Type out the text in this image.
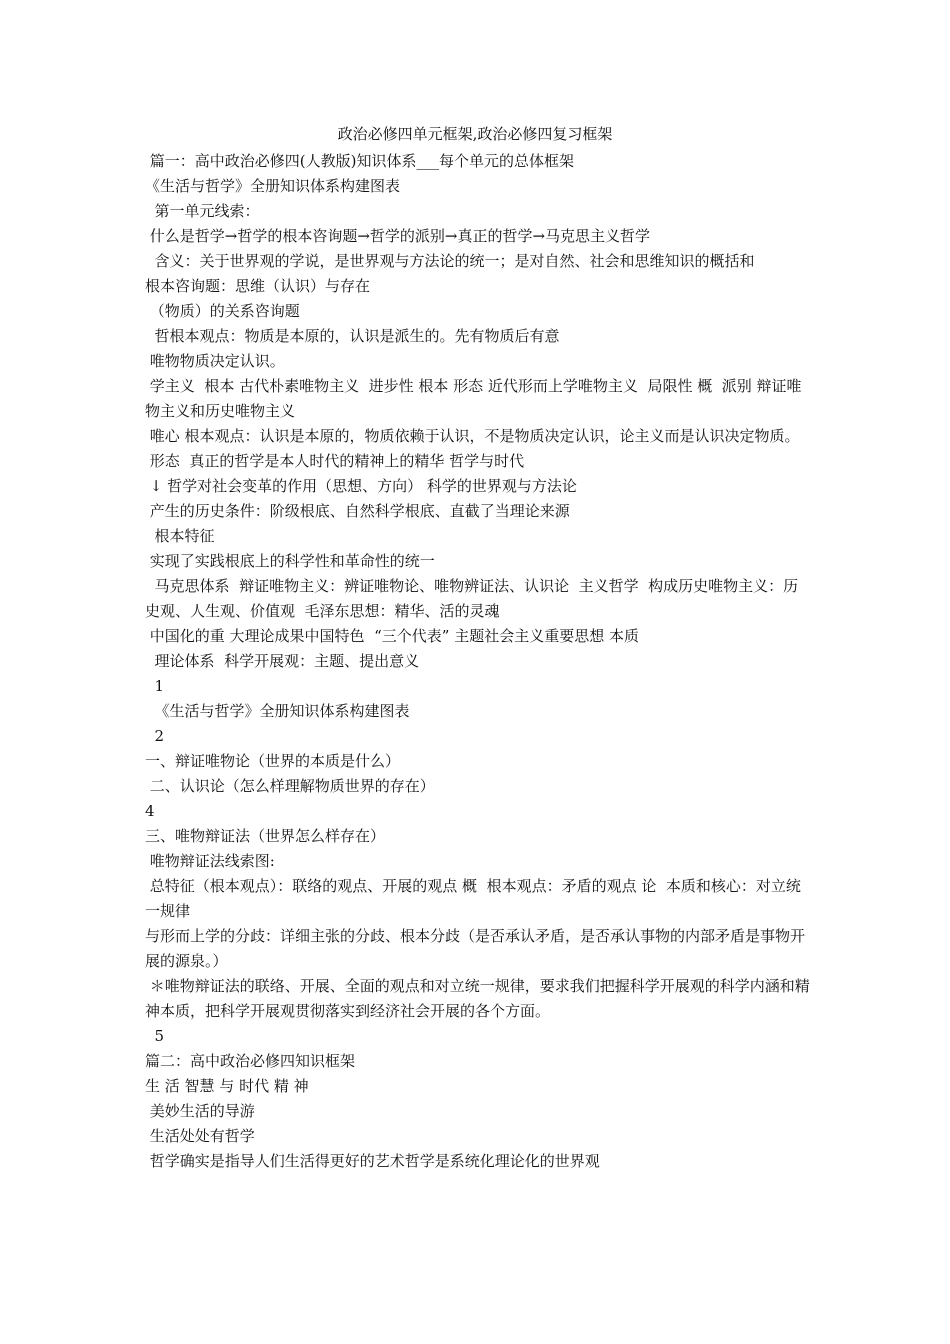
政治必修四单元框架,政治必修四复习框架
篇一：高中政治必修四(人教版)知识体系___每个单元的总体框架
《生活与哲学》全册知识体系构建图表
第一单元线索：
什么是哲学→哲学的根本咨询题→哲学的派别→真正的哲学→马克思主义哲学
含义：关于世界观的学说，是世界观与方法论的统一；是对自然、社会和思维知识的概括和
根本咨询题：思维（认识）与存在
（物质）的关系咨询题
哲根本观点：物质是本原的，认识是派生的。先有物质后有意
唯物物质决定认识。
学主义  根本 古代朴素唯物主义  进步性 根本 形态 近代形而上学唯物主义  局限性 概  派别 辩证唯物主义和历史唯物主义
唯心 根本观点：认识是本原的，物质依赖于认识，不是物质决定认识，论主义而是认识决定物质。
形态  真正的哲学是本人时代的精神上的精华 哲学与时代
↓ 哲学对社会变革的作用（思想、方向） 科学的世界观与方法论
产生的历史条件：阶级根底、自然科学根底、直截了当理论来源
根本特征
实现了实践根底上的科学性和革命性的统一
马克思体系  辩证唯物主义：辨证唯物论、唯物辨证法、认识论  主义哲学  构成历史唯物主义：历史观、人生观、价值观  毛泽东思想：精华、活的灵魂
中国化的重 大理论成果中国特色  “三个代表” 主题社会主义重要思想 本质
理论体系  科学开展观：主题、提出意义
1
《生活与哲学》全册知识体系构建图表
2
一、辩证唯物论（世界的本质是什么）
二、认识论（怎么样理解物质世界的存在）
4
三、唯物辩证法（世界怎么样存在）
唯物辩证法线索图:
总特征（根本观点）：联络的观点、开展的观点 概  根本观点：矛盾的观点 论  本质和核心：对立统一规律
与形而上学的分歧：详细主张的分歧、根本分歧（是否承认矛盾，是否承认事物的内部矛盾是事物开展的源泉。）
＊唯物辩证法的联络、开展、全面的观点和对立统一规律，要求我们把握科学开展观的科学内涵和精神本质，把科学开展观贯彻落实到经济社会开展的各个方面。
5
篇二：高中政治必修四知识框架
生 活 智慧 与 时代 精 神
美妙生活的导游
生活处处有哲学
哲学确实是指导人们生活得更好的艺术哲学是系统化理论化的世界观
